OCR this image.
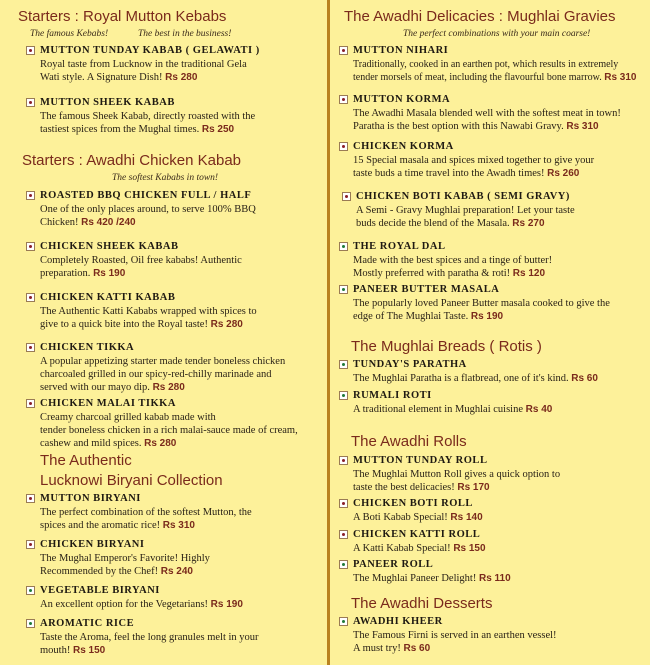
Starters : Royal Mutton Kebabs
The famous Kebabs!	The best in the business!
MUTTON TUNDAY KABAB ( GELAWATI )
Royal taste from Lucknow in the traditional Gela
Wati style. A Signature Dish! Rs 280
MUTTON SHEEK KABAB
The famous Sheek Kabab, directly roasted with the
tastiest spices from the Mughal times. Rs 250
Starters : Awadhi Chicken Kabab
The softest Kababs in town!
ROASTED BBQ CHICKEN FULL / HALF
One of the only places around, to serve 100% BBQ
Chicken! Rs 420 /240
CHICKEN SHEEK KABAB
Completely Roasted, Oil free kababs! Authentic
preparation. Rs 190
CHICKEN KATTI KABAB
The Authentic Katti Kababs wrapped with spices to
give to a quick bite into the Royal taste! Rs 280
CHICKEN TIKKA
A popular appetizing starter made tender boneless chicken
charcoaled grilled in our spicy-red-chilly marinade and
served with our mayo dip. Rs 280
CHICKEN MALAI TIKKA
Creamy charcoal grilled kabab made with
tender boneless chicken in a rich malai-sauce made of cream,
cashew and mild spices. Rs 280
The Authentic
Lucknowi Biryani Collection
MUTTON BIRYANI
The perfect combination of the softest Mutton, the
spices and the aromatic rice! Rs 310
CHICKEN BIRYANI
The Mughal Emperor's Favorite! Highly
Recommended by the Chef! Rs 240
VEGETABLE BIRYANI
An excellent option for the Vegetarians! Rs 190
AROMATIC RICE
Taste the Aroma, feel the long granules melt in your
mouth! Rs 150
The Awadhi Delicacies : Mughlai Gravies
The perfect combinations with your main coarse!
MUTTON NIHARI
Traditionally, cooked in an earthen pot, which results in extremely
tender morsels of meat, including the flavourful bone marrow. Rs 310
MUTTON KORMA
The Awadhi Masala blended well with the softest meat in town!
Paratha is the best option with this Nawabi Gravy. Rs 310
CHICKEN KORMA
15 Special masala and spices mixed together to give your
taste buds a time travel into the Awadh times! Rs 260
CHICKEN BOTI KABAB ( SEMI GRAVY)
A Semi - Gravy Mughlai preparation! Let your taste
buds decide the blend of the Masala. Rs 270
THE ROYAL DAL
Made with the best spices and a tinge of butter!
Mostly preferred with paratha & roti! Rs 120
PANEER BUTTER MASALA
The popularly loved Paneer Butter masala cooked to give the
edge of The Mughlai Taste. Rs 190
The Mughlai Breads ( Rotis )
TUNDAY'S PARATHA
The Mughlai Paratha is a flatbread, one of it's kind. Rs 60
RUMALI ROTI
A traditional element in Mughlai cuisine Rs 40
The Awadhi Rolls
MUTTON TUNDAY ROLL
The Mughlai Mutton Roll gives a quick option to
taste the best delicacies! Rs 170
CHICKEN BOTI ROLL
A Boti Kabab Special! Rs 140
CHICKEN KATTI ROLL
A Katti Kabab Special! Rs 150
PANEER ROLL
The Mughlai Paneer Delight! Rs 110
The Awadhi Desserts
AWADHI KHEER
The Famous Firni is served in an earthen vessel!
A must try! Rs 60
